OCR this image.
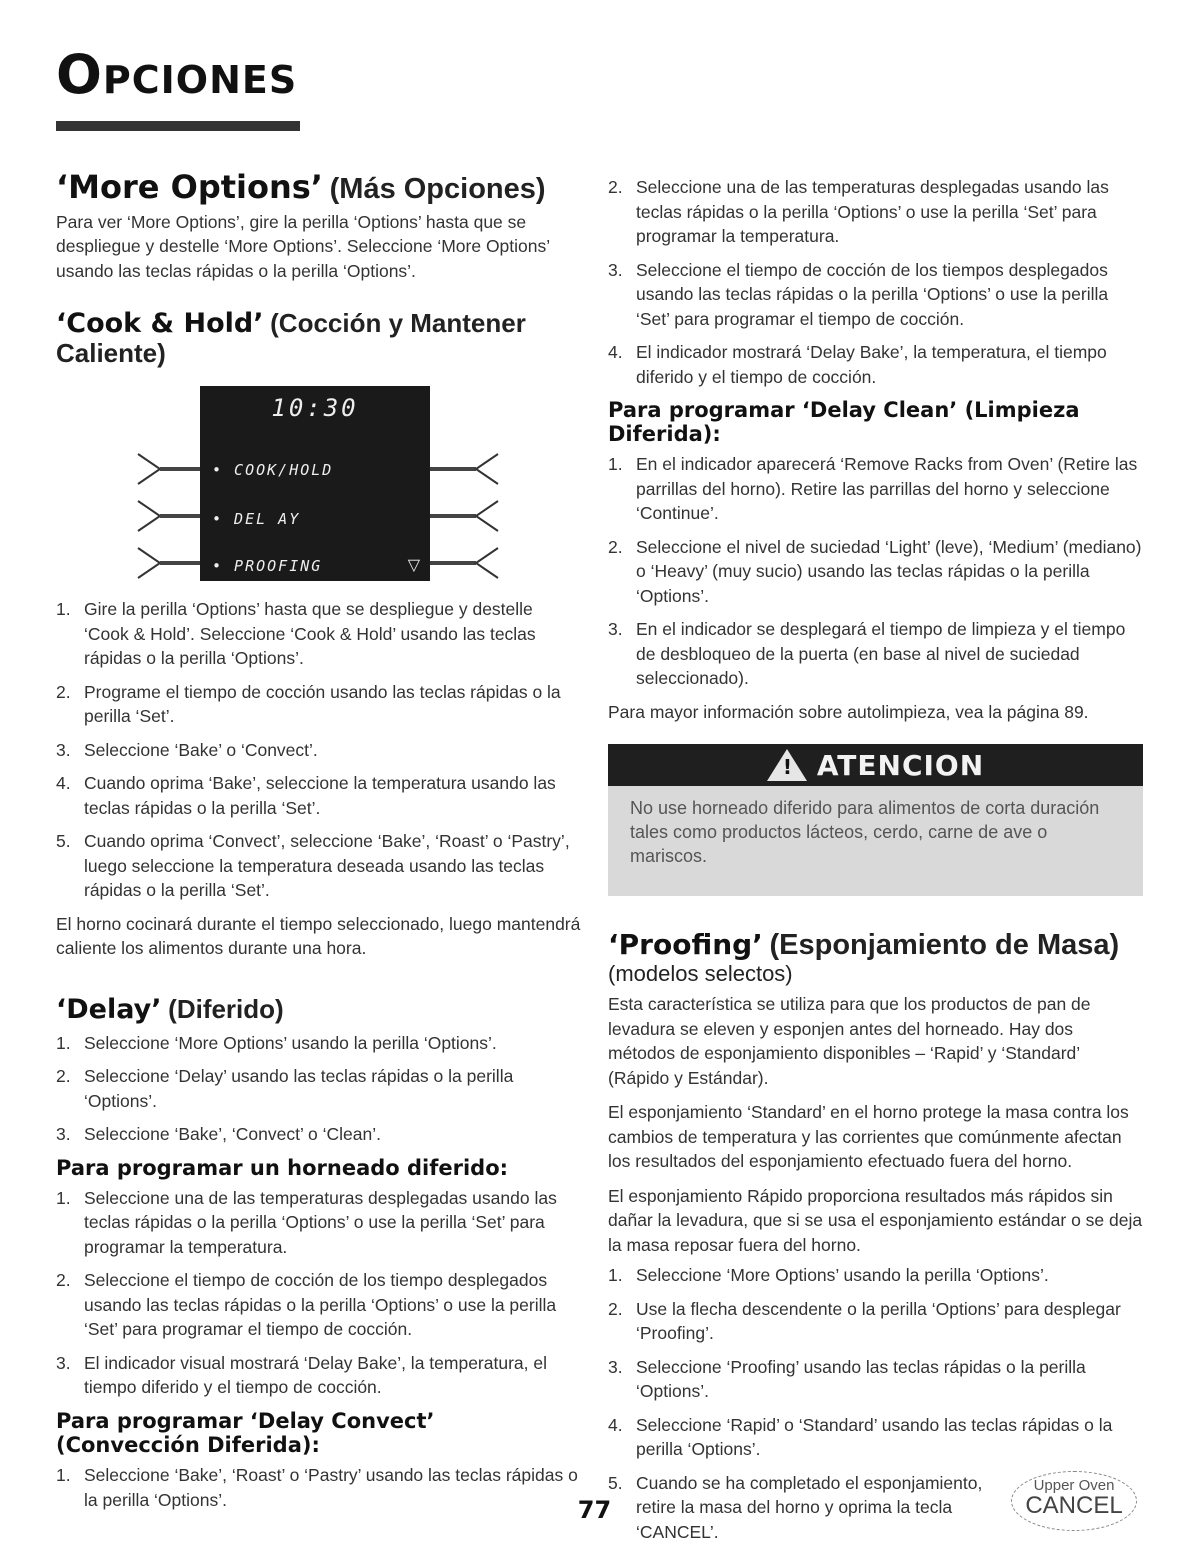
Opciones
‘More Options’ (Más Opciones)

Para ver ‘More Options’, gire la perilla ‘Options’ hasta que se despliegue y destelle ‘More Options’. Seleccione ‘More Options’ usando las teclas rápidas o la perilla ‘Options’.

‘Cook & Hold’ (Cocción y Mantener Caliente)
10:30
• COOK/HOLD
• DEL AY
• PROOFING	▽
1. Gire la perilla ‘Options’ hasta que se despliegue y destelle ‘Cook & Hold’. Seleccione ‘Cook & Hold’ usando las teclas rápidas o la perilla ‘Options’.
2. Programe el tiempo de cocción usando las teclas rápidas o la perilla ‘Set’.
3. Seleccione ‘Bake’ o ‘Convect’.
4. Cuando oprima ‘Bake’, seleccione la temperatura usando las teclas rápidas o la perilla ‘Set’.
5. Cuando oprima ‘Convect’, seleccione ‘Bake’, ‘Roast’ o ‘Pastry’, luego seleccione la temperatura deseada usando las teclas rápidas o la perilla ‘Set’.

El horno cocinará durante el tiempo seleccionado, luego mantendrá caliente los alimentos durante una hora.

‘Delay’ (Diferido)
1. Seleccione ‘More Options’ usando la perilla ‘Options’.
2. Seleccione ‘Delay’ usando las teclas rápidas o la perilla ‘Options’.
3. Seleccione ‘Bake’, ‘Convect’ o ‘Clean’.
Para programar un horneado diferido:
1. Seleccione una de las temperaturas desplegadas usando las teclas rápidas o la perilla ‘Options’ o use la perilla ‘Set’ para programar la temperatura.
2. Seleccione el tiempo de cocción de los tiempo desplegados usando las teclas rápidas o la perilla ‘Options’ o use la perilla ‘Set’ para programar el tiempo de cocción.
3. El indicador visual mostrará ‘Delay Bake’, la temperatura, el tiempo diferido y el tiempo de cocción.
Para programar ‘Delay Convect’ (Convección Diferida):
1. Seleccione ‘Bake’, ‘Roast’ o ‘Pastry’ usando las teclas rápidas o la perilla ‘Options’.
2. Seleccione una de las temperaturas desplegadas usando las teclas rápidas o la perilla ‘Options’ o use la perilla ‘Set’ para programar la temperatura.
3. Seleccione el tiempo de cocción de los tiempos desplegados usando las teclas rápidas o la perilla ‘Options’ o use la perilla ‘Set’ para programar el tiempo de cocción.
4. El indicador mostrará ‘Delay Bake’, la temperatura, el tiempo diferido y el tiempo de cocción.
Para programar ‘Delay Clean’ (Limpieza Diferida):
1. En el indicador aparecerá ‘Remove Racks from Oven’ (Retire las parrillas del horno). Retire las parrillas del horno y seleccione ‘Continue’.
2. Seleccione el nivel de suciedad ‘Light’ (leve), ‘Medium’ (mediano) o ‘Heavy’ (muy sucio) usando las teclas rápidas o la perilla ‘Options’.
3. En el indicador se desplegará el tiempo de limpieza y el tiempo de desbloqueo de la puerta (en base al nivel de suciedad seleccionado).

Para mayor información sobre autolimpieza, vea la página 89.

! ATENCION
No use horneado diferido para alimentos de corta duración tales como productos lácteos, cerdo, carne de ave o mariscos.
‘Proofing’ (Esponjamiento de Masa)
(modelos selectos)

Esta característica se utiliza para que los productos de pan de levadura se eleven y esponjen antes del horneado. Hay dos métodos de esponjamiento disponibles – ‘Rapid’ y ‘Standard’ (Rápido y Estándar).

El esponjamiento ‘Standard’ en el horno protege la masa contra los cambios de temperatura y las corrientes que comúnmente afectan los resultados del esponjamiento efectuado fuera del horno.

El esponjamiento Rápido proporciona resultados más rápidos sin dañar la levadura, que si se usa el esponjamiento estándar o se deja la masa reposar fuera del horno.

1. Seleccione ‘More Options’ usando la perilla ‘Options’.
2. Use la flecha descendente o la perilla ‘Options’ para desplegar ‘Proofing’.
3. Seleccione ‘Proofing’ usando las teclas rápidas o la perilla ‘Options’.
4. Seleccione ‘Rapid’ o ‘Standard’ usando las teclas rápidas o la perilla ‘Options’.
5. Cuando se ha completado el esponjamiento, retire la masa del horno y oprima la tecla ‘CANCEL’.
Upper Oven
CANCEL
77
